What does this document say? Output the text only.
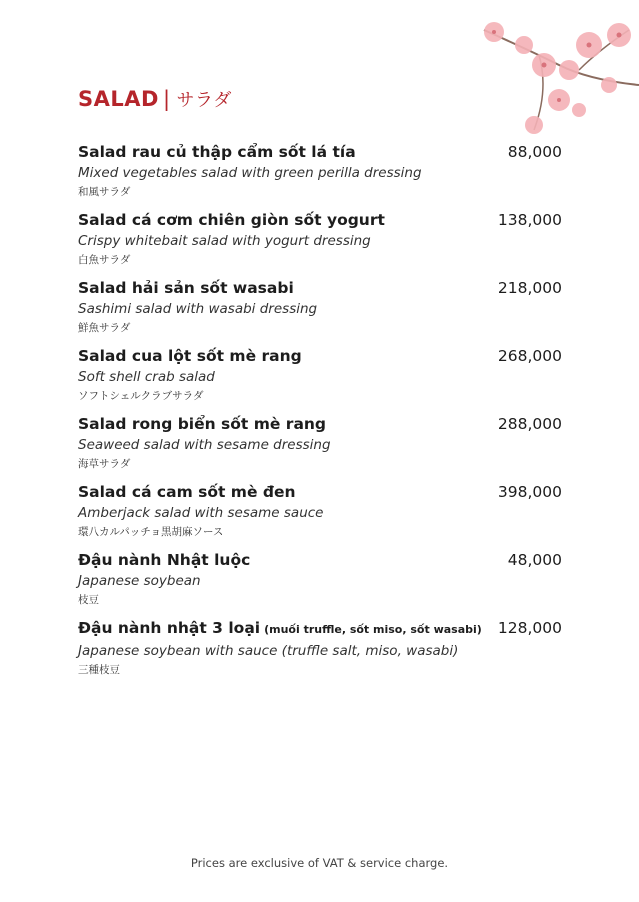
SALAD | サラダ
Salad rau củ thập cẩm sốt lá tía	88,000
Mixed vegetables salad with green perilla dressing
和風サラダ
Salad cá cơm chiên giòn sốt yogurt	138,000
Crispy whitebait salad with yogurt dressing
白魚サラダ
Salad hải sản sốt wasabi	218,000
Sashimi salad with wasabi dressing
鮮魚サラダ
Salad cua lột sốt mè rang	268,000
Soft shell crab salad
ソフトシェルクラブサラダ
Salad rong biển sốt mè rang	288,000
Seaweed salad with sesame dressing
海草サラダ
Salad cá cam sốt mè đen	398,000
Amberjack salad with sesame sauce
環八カルパッチョ黒胡麻ソース
Đậu nành Nhật luộc	48,000
Japanese soybean
枝豆
Đậu nành nhật 3 loại (muối truffle, sốt miso, sốt wasabi)	128,000
Japanese soybean with sauce (truffle salt, miso, wasabi)
三種枝豆
Prices are exclusive of VAT & service charge.
